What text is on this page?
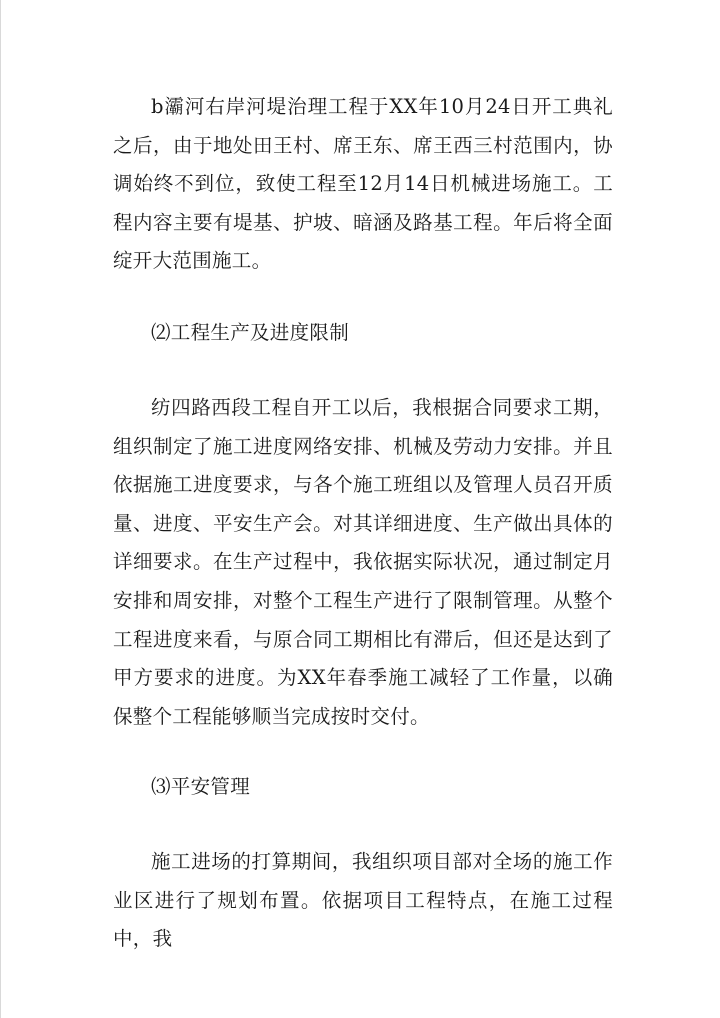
b灞河右岸河堤治理工程于XX年10月24日开工典礼之后，由于地处田王村、席王东、席王西三村范围内，协调始终不到位，致使工程至12月14日机械进场施工。工程内容主要有堤基、护坡、暗涵及路基工程。年后将全面绽开大范围施工。

⑵工程生产及进度限制

纺四路西段工程自开工以后，我根据合同要求工期，组织制定了施工进度网络安排、机械及劳动力安排。并且依据施工进度要求，与各个施工班组以及管理人员召开质量、进度、平安生产会。对其详细进度、生产做出具体的详细要求。在生产过程中，我依据实际状况，通过制定月安排和周安排，对整个工程生产进行了限制管理。从整个工程进度来看，与原合同工期相比有滞后，但还是达到了甲方要求的进度。为XX年春季施工减轻了工作量，以确保整个工程能够顺当完成按时交付。

⑶平安管理

施工进场的打算期间，我组织项目部对全场的施工作业区进行了规划布置。依据项目工程特点，在施工过程中，我
